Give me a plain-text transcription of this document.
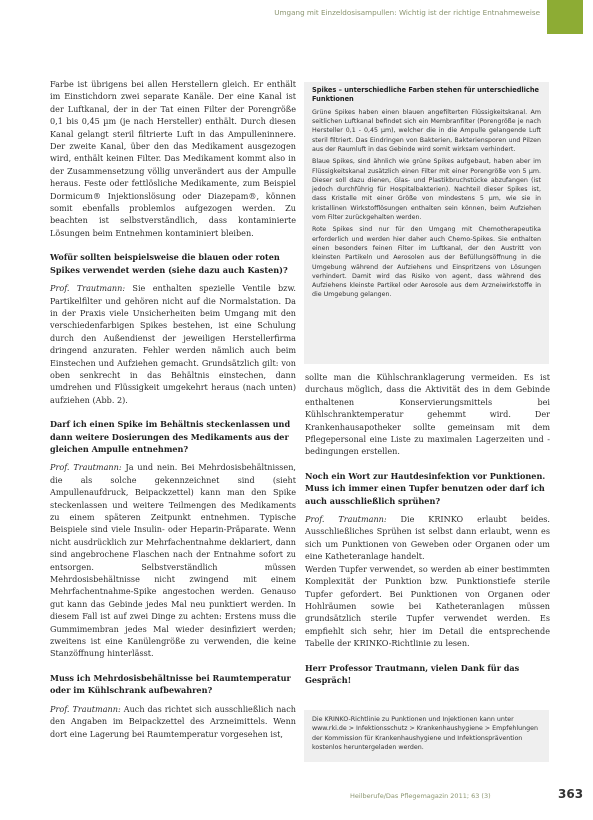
Umgang mit Einzeldosisampullen: Wichtig ist der richtige Entnahmeweise

Farbe ist übrigens bei allen Herstellern gleich. Er enthält im Einstichdorn zwei separate Kanäle. Der eine Kanal ist der Luftkanal, der in der Tat einen Filter der Porengröße 0,1 bis 0,45 µm (je nach Hersteller) enthält. Durch diesen Kanal gelangt steril filtrierte Luft in das Ampulleninnere. Der zweite Kanal, über den das Medikament ausgezogen wird, enthält keinen Filter. Das Medikament kommt also in der Zusammensetzung völlig unverändert aus der Ampulle heraus. Feste oder fettlösliche Medikamente, zum Beispiel Dormicum® Injektionslösung oder Diazepam®, können somit ebenfalls problemlos aufgezogen werden. Zu beachten ist selbstverständlich, dass kontaminierte Lösungen beim Entnehmen kontaminiert bleiben.

Wofür sollten beispielsweise die blauen oder roten Spikes verwendet werden (siehe dazu auch Kasten)?

Prof. Trautmann: Sie enthalten spezielle Ventile bzw. Partikelfilter und gehören nicht auf die Normalstation. Da in der Praxis viele Unsicherheiten beim Umgang mit den verschiedenfarbigen Spikes bestehen, ist eine Schulung durch den Außendienst der jeweiligen Herstellerfirma dringend anzuraten. Fehler werden nämlich auch beim Einstechen und Aufziehen gemacht. Grundsätzlich gilt: von oben senkrecht in das Behältnis einstechen, dann umdrehen und Flüssigkeit umgekehrt heraus (nach unten) aufziehen (Abb. 2).

Darf ich einen Spike im Behältnis steckenlassen und dann weitere Dosierungen des Medikaments aus der gleichen Ampulle entnehmen?

Prof. Trautmann: Ja und nein. Bei Mehrdosisbehältnissen, die als solche gekennzeichnet sind (sieht Ampullenaufdruck, Beipackzettel) kann man den Spike steckenlassen und weitere Teilmengen des Medikaments zu einem späteren Zeitpunkt entnehmen. Typische Beispiele sind viele Insulin- oder Heparin-Präparate. Wenn nicht ausdrücklich zur Mehrfachentnahme deklariert, dann sind angebrochene Flaschen nach der Entnahme sofort zu entsorgen. Selbstverständlich müssen Mehrdosisbehältnisse nicht zwingend mit einem Mehrfachentnahme-Spike angestochen werden. Genauso gut kann das Gebinde jedes Mal neu punktiert werden. In diesem Fall ist auf zwei Dinge zu achten: Erstens muss die Gummimembran jedes Mal wieder desinfiziert werden; zweitens ist eine Kanülengröße zu verwenden, die keine Stanzöffnung hinterlässt.

Muss ich Mehrdosisbehältnisse bei Raumtemperatur oder im Kühlschrank aufbewahren?

Prof. Trautmann: Auch das richtet sich ausschließlich nach den Angaben im Beipackzettel des Arzneimittels. Wenn dort eine Lagerung bei Raumtemperatur vorgesehen ist,

Spikes – unterschiedliche Farben stehen für unterschiedliche Funktionen

Grüne Spikes haben einen blauen angefilterten Flüssigkeitskanal. Am seitlichen Luftkanal befindet sich ein Membranfilter (Porengröße je nach Hersteller 0,1 - 0,45 µm), welcher die in die Ampulle gelangende Luft steril filtriert. Das Eindringen von Bakterien, Bakteriensporen und Pilzen aus der Raumluft in das Gebinde wird somit wirksam verhindert.

Blaue Spikes, sind ähnlich wie grüne Spikes aufgebaut, haben aber im Flüssigkeitskanal zusätzlich einen Filter mit einer Porengröße von 5 µm. Dieser soll dazu dienen, Glas- und Plastikbruchstücke abzufangen (ist jedoch durchführig für Hospitalbakterien). Nachteil dieser Spikes ist, dass Kristalle mit einer Größe von mindestens 5 µm, wie sie in kristallinen Wirkstofflösungen enthalten sein können, beim Aufziehen vom Filter zurückgehalten werden.

Rote Spikes sind nur für den Umgang mit Chemotherapeutika erforderlich und werden hier daher auch Chemo-Spikes. Sie enthalten einen besonders feinen Filter im Luftkanal, der den Austritt von kleinsten Partikeln und Aerosolen aus der Befüllungsöffnung in die Umgebung während der Aufziehens und Einspritzens von Lösungen verhindert. Damit wird das Risiko von agent, dass während des Aufziehens kleinste Partikel oder Aerosole aus dem Arzneiwirkstoffe in die Umgebung gelangen.

sollte man die Kühlschranklagerung vermeiden. Es ist durchaus möglich, dass die Aktivität des in dem Gebinde enthaltenen Konservierungsmittels bei Kühlschranktemperatur gehemmt wird. Der Krankenhausapotheker sollte gemeinsam mit dem Pflegepersonal eine Liste zu maximalen Lagerzeiten und -bedingungen erstellen.

Noch ein Wort zur Hautdesinfektion vor Punktionen. Muss ich immer einen Tupfer benutzen oder darf ich auch ausschließlich sprühen?

Prof. Trautmann: Die KRINKO erlaubt beides. Ausschließliches Sprühen ist selbst dann erlaubt, wenn es sich um Punktionen von Geweben oder Organen oder um eine Katheteranlage handelt.

Werden Tupfer verwendet, so werden ab einer bestimmten Komplexität der Punktion bzw. Punktionstiefe sterile Tupfer gefordert. Bei Punktionen von Organen oder Hohlräumen sowie bei Katheteranlagen müssen grundsätzlich sterile Tupfer verwendet werden. Es empfiehlt sich sehr, hier im Detail die entsprechende Tabelle der KRINKO-Richtlinie zu lesen.

Herr Professor Trautmann, vielen Dank für das Gespräch!
Die KRINKO-Richtlinie zu Punktionen und Injektionen kann unter www.rki.de > Infektionsschutz > Krankenhaushygiene > Empfehlungen der Kommission für Krankenhaushygiene und Infektionsprävention kostenlos heruntergeladen werden.
Heilberufe/Das Pflegemagazin 2011; 63 (3)	363
